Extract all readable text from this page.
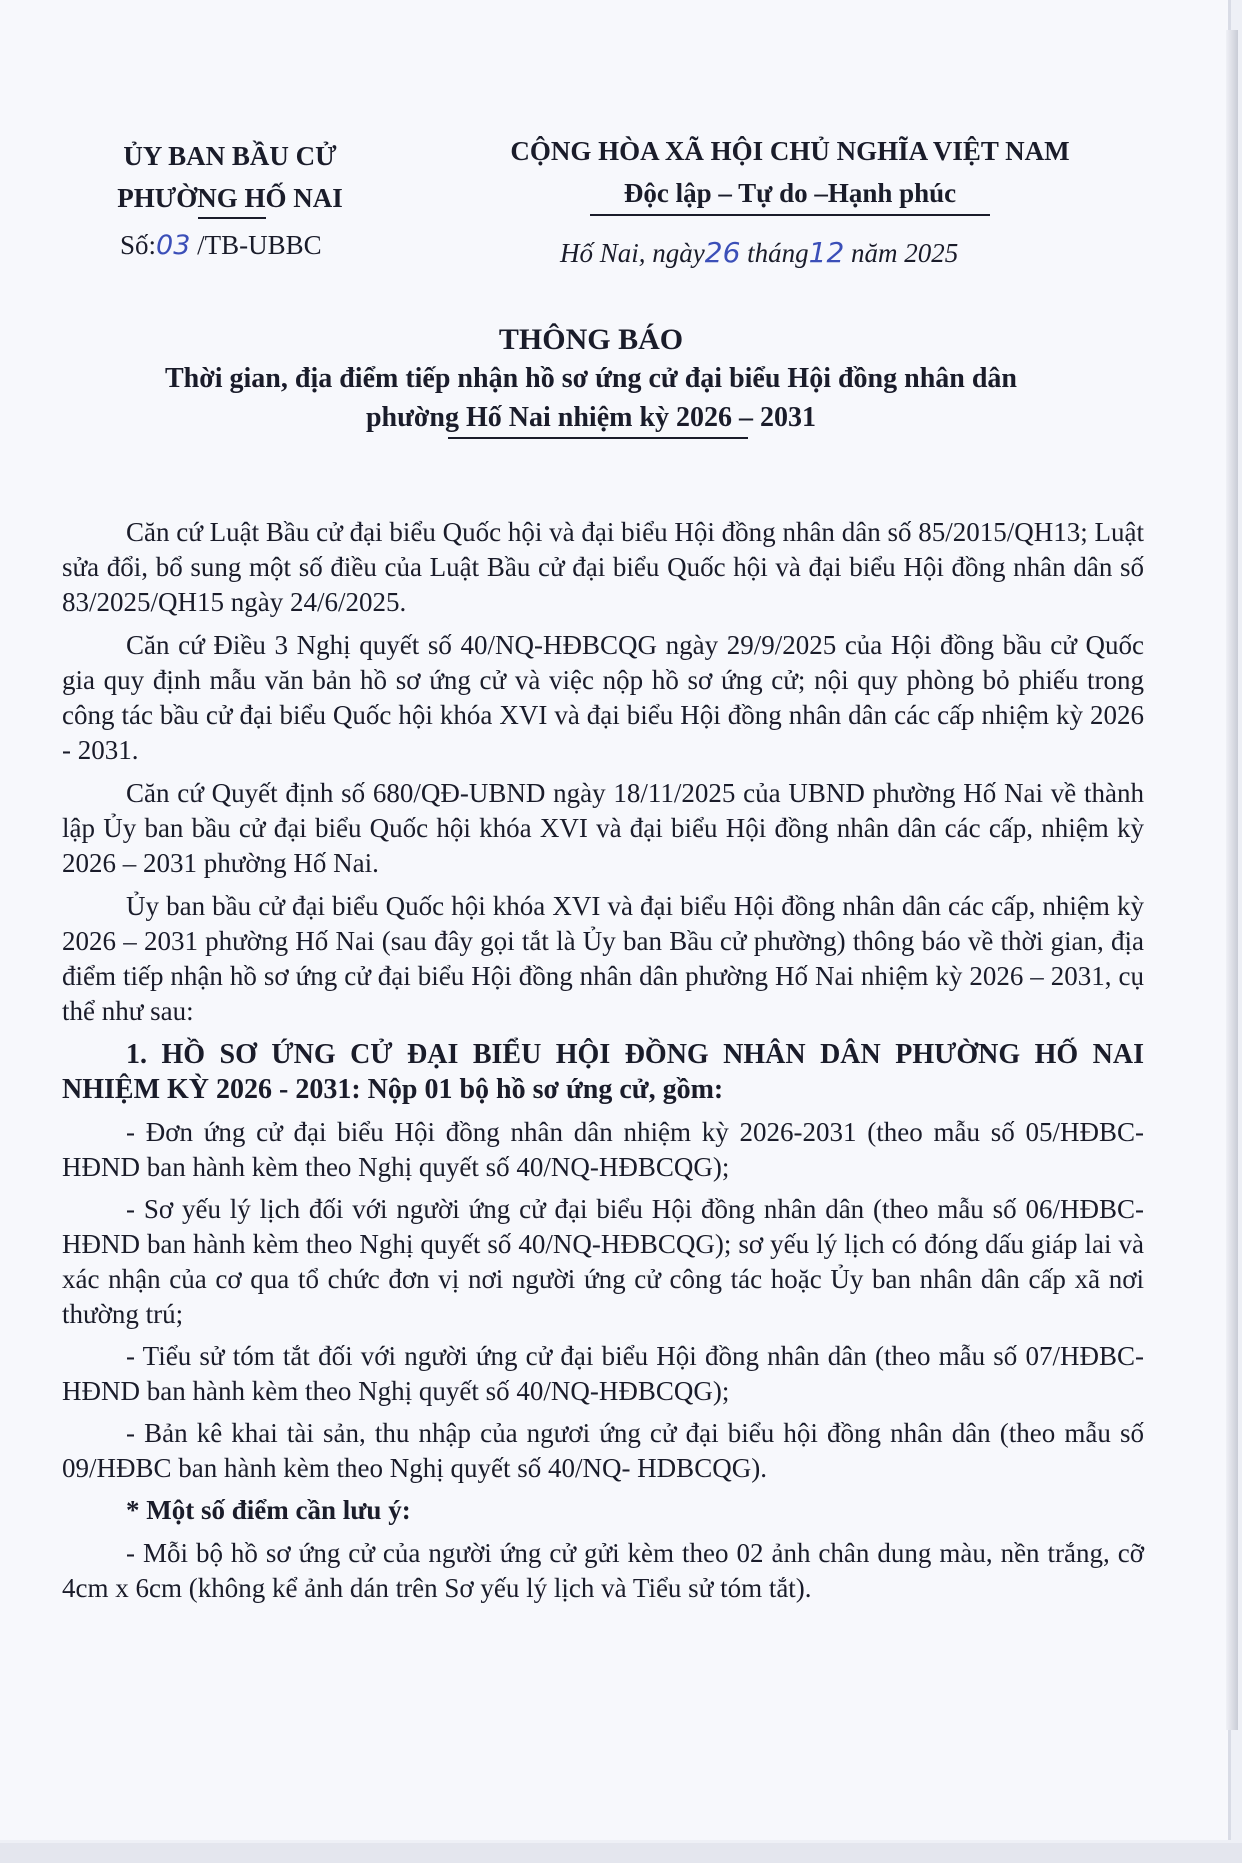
ỦY BAN BẦU CỬ
PHƯỜNG HỐ NAI
Số:03 /TB-UBBC
CỘNG HÒA XÃ HỘI CHỦ NGHĨA VIỆT NAM
Độc lập – Tự do –Hạnh phúc
Hố Nai, ngày26 tháng12 năm 2025
THÔNG BÁO
Thời gian, địa điểm tiếp nhận hồ sơ ứng cử đại biểu Hội đồng nhân dân
phường Hố Nai nhiệm kỳ 2026 – 2031

Căn cứ Luật Bầu cử đại biểu Quốc hội và đại biểu Hội đồng nhân dân số 85/2015/QH13; Luật sửa đổi, bổ sung một số điều của Luật Bầu cử đại biểu Quốc hội và đại biểu Hội đồng nhân dân số 83/2025/QH15 ngày 24/6/2025.

Căn cứ Điều 3 Nghị quyết số 40/NQ-HĐBCQG ngày 29/9/2025 của Hội đồng bầu cử Quốc gia quy định mẫu văn bản hồ sơ ứng cử và việc nộp hồ sơ ứng cử; nội quy phòng bỏ phiếu trong công tác bầu cử đại biểu Quốc hội khóa XVI và đại biểu Hội đồng nhân dân các cấp nhiệm kỳ 2026 - 2031.

Căn cứ Quyết định số 680/QĐ-UBND ngày 18/11/2025 của UBND phường Hố Nai về thành lập Ủy ban bầu cử đại biểu Quốc hội khóa XVI và đại biểu Hội đồng nhân dân các cấp, nhiệm kỳ 2026 – 2031 phường Hố Nai.

Ủy ban bầu cử đại biểu Quốc hội khóa XVI và đại biểu Hội đồng nhân dân các cấp, nhiệm kỳ 2026 – 2031 phường Hố Nai (sau đây gọi tắt là Ủy ban Bầu cử phường) thông báo về thời gian, địa điểm tiếp nhận hồ sơ ứng cử đại biểu Hội đồng nhân dân phường Hố Nai nhiệm kỳ 2026 – 2031, cụ thể như sau:

1. HỒ SƠ ỨNG CỬ ĐẠI BIỂU HỘI ĐỒNG NHÂN DÂN PHƯỜNG HỐ NAI NHIỆM KỲ 2026 - 2031: Nộp 01 bộ hồ sơ ứng cử, gồm:

- Đơn ứng cử đại biểu Hội đồng nhân dân nhiệm kỳ 2026-2031 (theo mẫu số 05/HĐBC-HĐND ban hành kèm theo Nghị quyết số 40/NQ-HĐBCQG);

- Sơ yếu lý lịch đối với người ứng cử đại biểu Hội đồng nhân dân (theo mẫu số 06/HĐBC-HĐND ban hành kèm theo Nghị quyết số 40/NQ-HĐBCQG); sơ yếu lý lịch có đóng dấu giáp lai và xác nhận của cơ qua tổ chức đơn vị nơi người ứng cử công tác hoặc Ủy ban nhân dân cấp xã nơi thường trú;

- Tiểu sử tóm tắt đối với người ứng cử đại biểu Hội đồng nhân dân (theo mẫu số 07/HĐBC-HĐND ban hành kèm theo Nghị quyết số 40/NQ-HĐBCQG);

- Bản kê khai tài sản, thu nhập của ngươi ứng cử đại biểu hội đồng nhân dân (theo mẫu số 09/HĐBC ban hành kèm theo Nghị quyết số 40/NQ- HDBCQG).

* Một số điểm cần lưu ý:

- Mỗi bộ hồ sơ ứng cử của người ứng cử gửi kèm theo 02 ảnh chân dung màu, nền trắng, cỡ 4cm x 6cm (không kể ảnh dán trên Sơ yếu lý lịch và Tiểu sử tóm tắt).
